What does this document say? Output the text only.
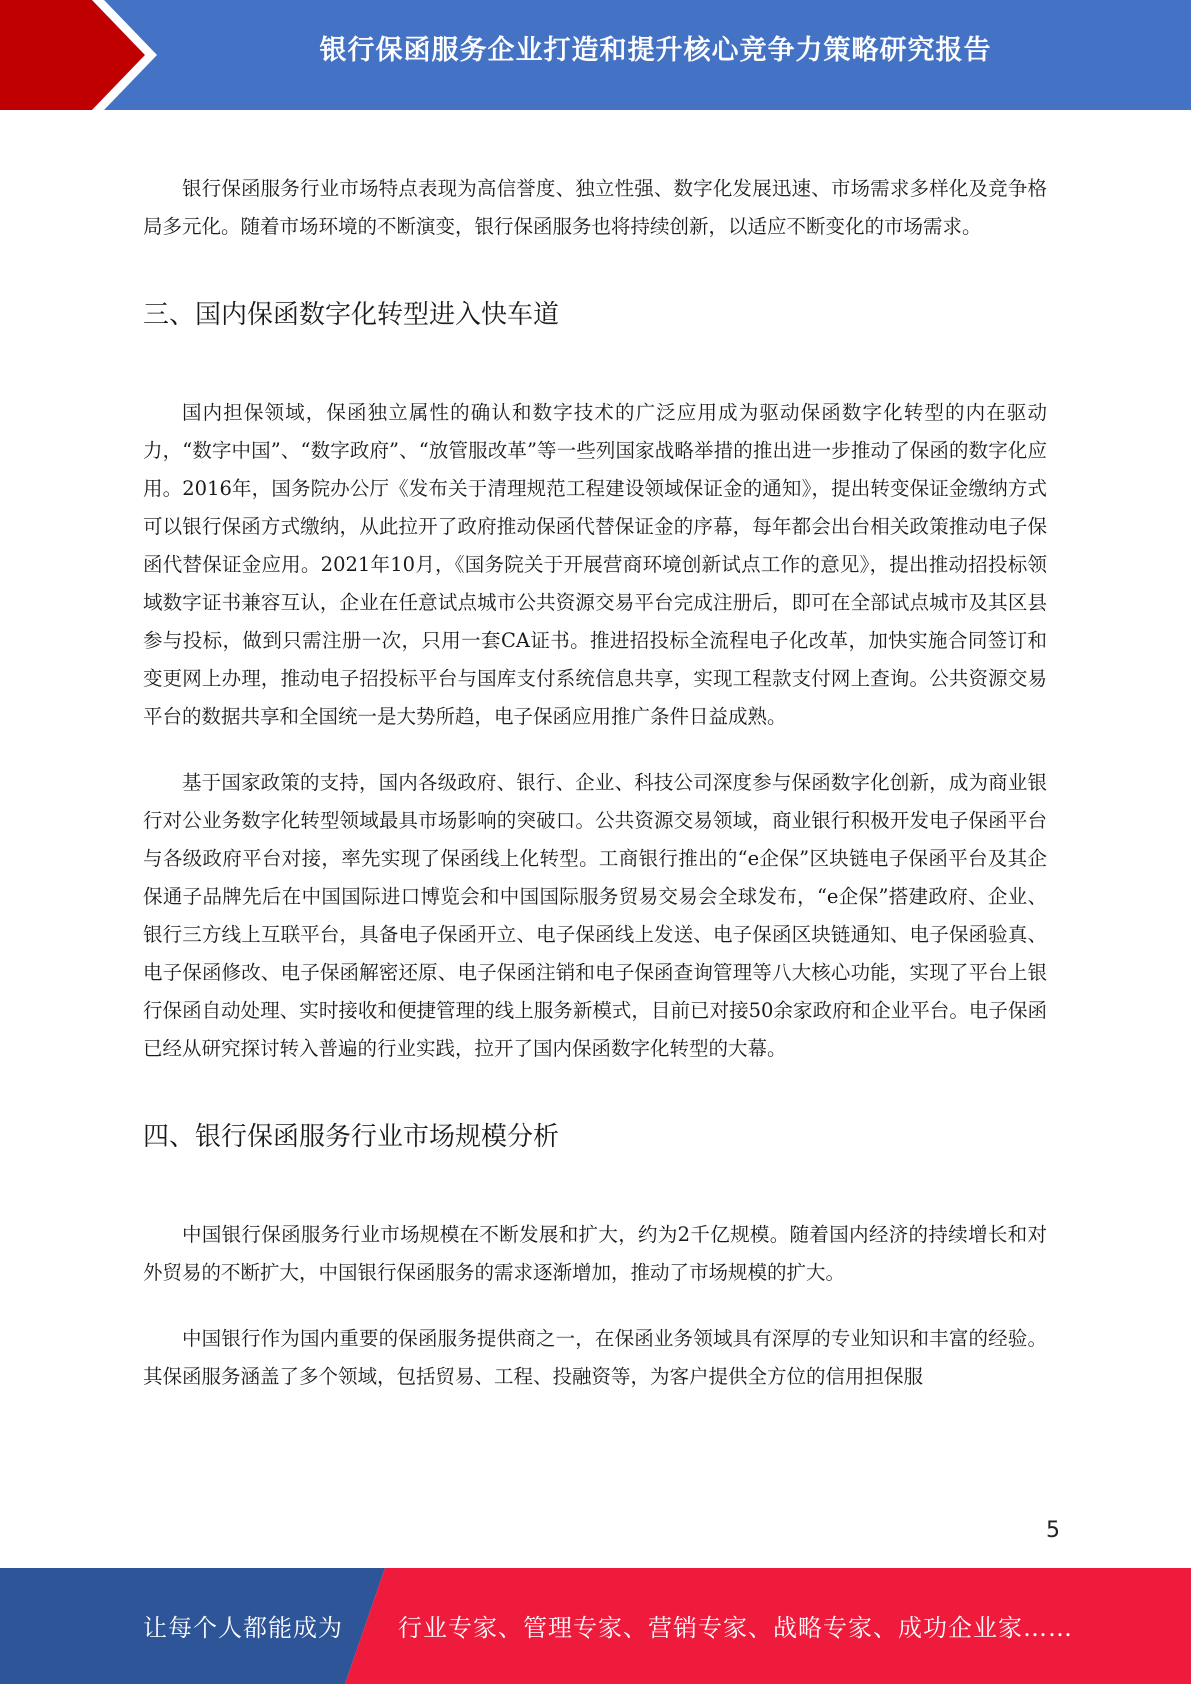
银行保函服务企业打造和提升核心竞争力策略研究报告

银行保函服务行业市场特点表现为高信誉度、独立性强、数字化发展迅速、市场需求多样化及竞争格局多元化。随着市场环境的不断演变，银行保函服务也将持续创新，以适应不断变化的市场需求。

三、国内保函数字化转型进入快车道

国内担保领域，保函独立属性的确认和数字技术的广泛应用成为驱动保函数字化转型的内在驱动力，“数字中国”、“数字政府”、“放管服改革”等一些列国家战略举措的推出进一步推动了保函的数字化应用。2016年，国务院办公厅《发布关于清理规范工程建设领域保证金的通知》，提出转变保证金缴纳方式可以银行保函方式缴纳，从此拉开了政府推动保函代替保证金的序幕，每年都会出台相关政策推动电子保函代替保证金应用。2021年10月，《国务院关于开展营商环境创新试点工作的意见》，提出推动招投标领域数字证书兼容互认，企业在任意试点城市公共资源交易平台完成注册后，即可在全部试点城市及其区县参与投标，做到只需注册一次，只用一套CA证书。推进招投标全流程电子化改革，加快实施合同签订和变更网上办理，推动电子招投标平台与国库支付系统信息共享，实现工程款支付网上查询。公共资源交易平台的数据共享和全国统一是大势所趋，电子保函应用推广条件日益成熟。

基于国家政策的支持，国内各级政府、银行、企业、科技公司深度参与保函数字化创新，成为商业银行对公业务数字化转型领域最具市场影响的突破口。公共资源交易领域，商业银行积极开发电子保函平台与各级政府平台对接，率先实现了保函线上化转型。工商银行推出的“e企保”区块链电子保函平台及其企保通子品牌先后在中国国际进口博览会和中国国际服务贸易交易会全球发布，“e企保”搭建政府、企业、银行三方线上互联平台，具备电子保函开立、电子保函线上发送、电子保函区块链通知、电子保函验真、电子保函修改、电子保函解密还原、电子保函注销和电子保函查询管理等八大核心功能，实现了平台上银行保函自动处理、实时接收和便捷管理的线上服务新模式，目前已对接50余家政府和企业平台。电子保函已经从研究探讨转入普遍的行业实践，拉开了国内保函数字化转型的大幕。

四、银行保函服务行业市场规模分析

中国银行保函服务行业市场规模在不断发展和扩大，约为2千亿规模。随着国内经济的持续增长和对外贸易的不断扩大，中国银行保函服务的需求逐渐增加，推动了市场规模的扩大。

中国银行作为国内重要的保函服务提供商之一，在保函业务领域具有深厚的专业知识和丰富的经验。其保函服务涵盖了多个领域，包括贸易、工程、投融资等，为客户提供全方位的信用担保服

5
让每个人都能成为 行业专家、管理专家、营销专家、战略专家、成功企业家……
